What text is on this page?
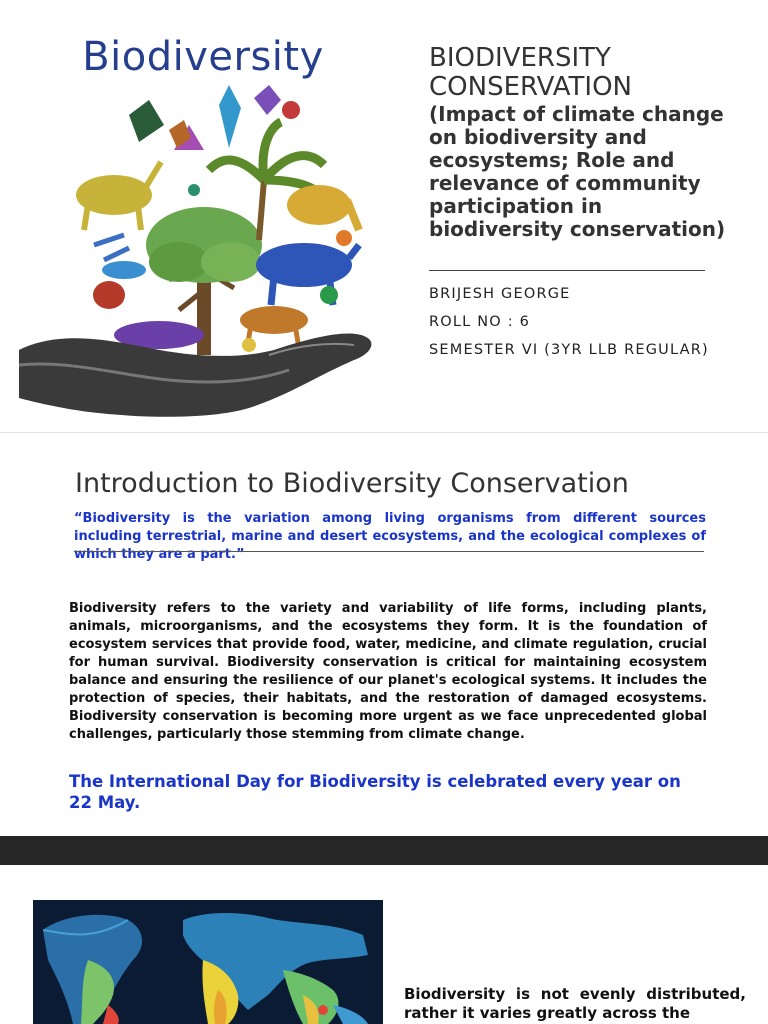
Biodiversity	BIODIVERSITY
CONSERVATION
(Impact of climate change on biodiversity and ecosystems; Role and relevance of community participation in biodiversity conservation)
BRIJESH GEORGE
ROLL NO : 6
SEMESTER VI (3YR LLB REGULAR)
Introduction to Biodiversity Conservation
“Biodiversity is the variation among living organisms from different sources including terrestrial, marine and desert ecosystems, and the ecological complexes of which they are a part.”
Biodiversity refers to the variety and variability of life forms, including plants, animals, microorganisms, and the ecosystems they form. It is the foundation of ecosystem services that provide food, water, medicine, and climate regulation, crucial for human survival. Biodiversity conservation is critical for maintaining ecosystem balance and ensuring the resilience of our planet's ecological systems. It includes the protection of species, their habitats, and the restoration of damaged ecosystems. Biodiversity conservation is becoming more urgent as we face unprecedented global challenges, particularly those stemming from climate change.
The International Day for Biodiversity is celebrated every year on 22 May.
Biodiversity is not evenly distributed, rather it varies greatly across the
